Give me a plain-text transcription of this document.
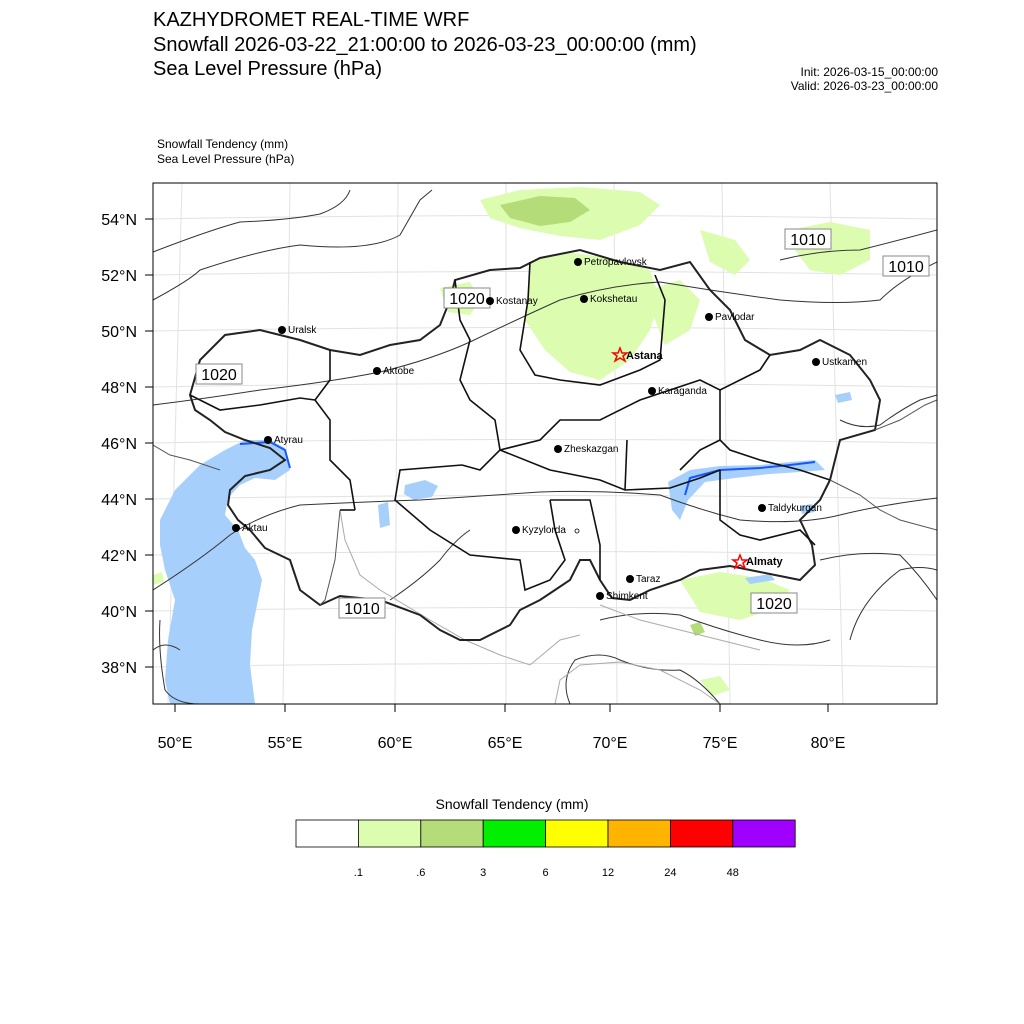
KAZHYDROMET REAL-TIME WRF
Snowfall 2026-03-22_21:00:00 to 2026-03-23_00:00:00 (mm)
Sea Level Pressure (hPa)	Init: 2026-03-15_00:00:00
Valid: 2026-03-23_00:00:00
Snowfall Tendency (mm)
Sea Level Pressure (hPa)
1010
1010
1020
1020
1010	1020
Petropavlovsk
Kostanay	Kokshetau
Pavlodar
Astana
Uralsk
Aktobe
Ustkamen
Karaganda
Atyrau
Zheskazgan
Aktau	Kyzylorda
Taldykurgan
Almaty
Taraz
Shimkent
54°N
52°N
50°N
48°N
46°N
44°N
42°N
40°N
38°N
50°E	55°E	60°E	65°E	70°E	75°E	80°E
Snowfall Tendency (mm)
.1	.6	3	6	12	24	48
